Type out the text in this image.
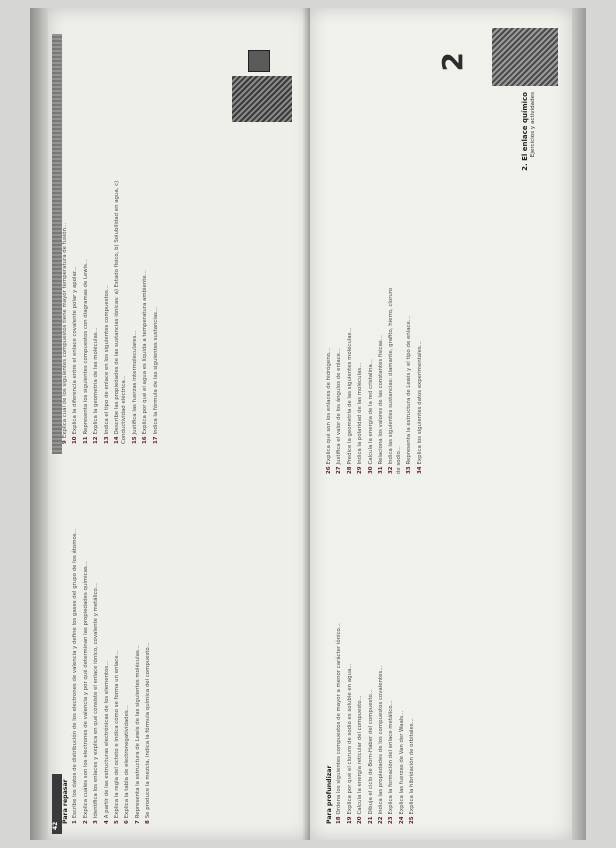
42

Para repasar 1Escribe los datos de distribución de los electrones de valencia y define los gases del grupo de los átomos...

2Explica cuáles son los electrones de valencia y por qué determinan las propiedades químicas...

3Identifica los enlaces y explica en qué consiste el enlace iónico, covalente y metálico...

4A partir de las estructuras electrónicas de los elementos...

5Explica la regla del octeto e indica cómo se forma un enlace...

6Explica la tabla de electronegatividades...

7Representa la estructura de Lewis de las siguientes moléculas...

8Se produce la mezcla, indica la fórmula química del compuesto...

9Explica cuál de los siguientes compuestos tiene mayor temperatura de fusión...

10Explica la diferencia entre el enlace covalente polar y apolar...

11Representa los siguientes compuestos con diagramas de Lewis...

12Explica la geometría de las moléculas...

13Indica el tipo de enlace en los siguientes compuestos...

14Describe las propiedades de las sustancias iónicas: a) Estado físico, b) Solubilidad en agua, c) Conductividad eléctrica... 15Justifica las fuerzas intermoleculares...

16Explica por qué el agua es líquida a temperatura ambiente...

17Indica la fórmula de las siguientes sustancias...

2
2. El enlace químico Ejercicios y actividades

Para profundizar 18Ordena los siguientes compuestos de mayor a menor carácter iónico...

19Explica por qué el cloruro de sodio es soluble en agua...

20Calcula la energía reticular del compuesto...

21Dibuja el ciclo de Born-Haber del compuesto...

22Indica las propiedades de los compuestos covalentes...

23Explica la formación del enlace metálico...

24Explica las fuerzas de Van der Waals...

25Explica la hibridación de orbitales...

26Explica qué son los enlaces de hidrógeno...

27Justifica el valor de los ángulos de enlace...

28Predice la geometría de las siguientes moléculas...

29Indica la polaridad de las moléculas...

30Calcula la energía de la red cristalina...

31Relaciona los valores de las constantes físicas...

32Indica las siguientes sustancias: diamante, grafito, hierro, cloruro de sodio... 33Representa la estructura de Lewis y el tipo de enlace...

34Explica los siguientes datos experimentales...
